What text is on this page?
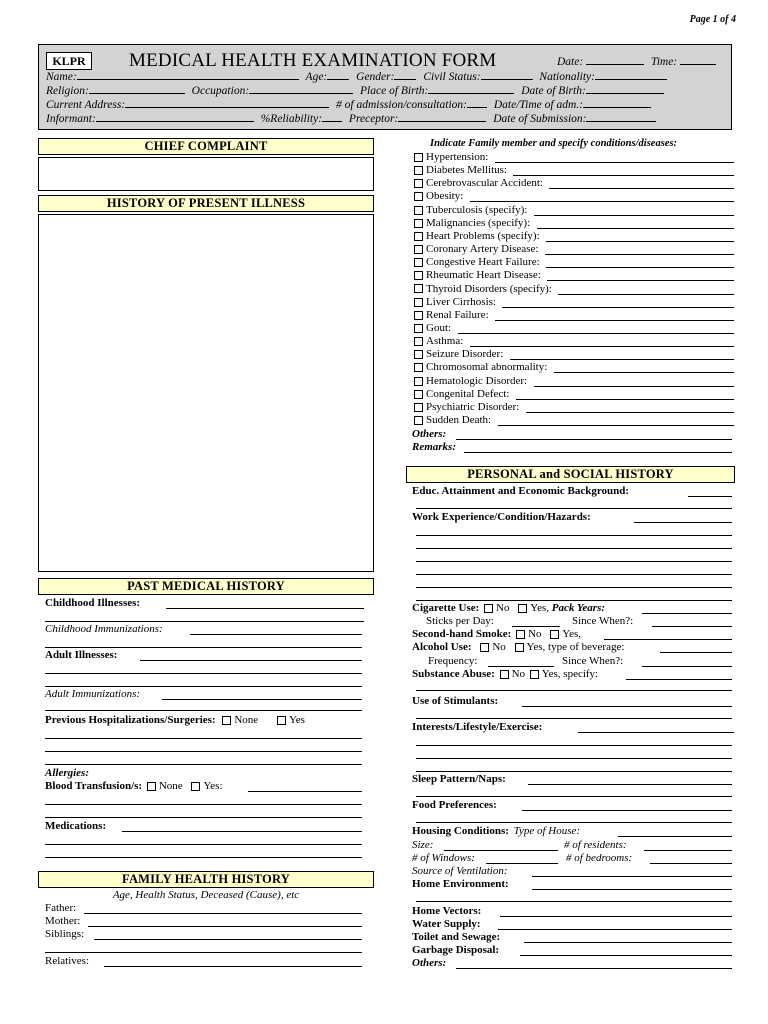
Page 1 of 4
KLPR	MEDICAL HEALTH EXAMINATION FORM	Date:	Time:
Name:	Age:	Gender:	Civil Status:	Nationality:
Religion:	Occupation:	Place of Birth:	Date of Birth:
Current Address:	# of admission/consultation: Date/Time of adm.:
Informant:	%Reliability: Preceptor:	Date of Submission:
CHIEF COMPLAINT
HISTORY OF PRESENT ILLNESS
PAST MEDICAL HISTORY
Childhood Illnesses:
Childhood Immunizations:
Adult Illnesses:
Adult Immunizations:
Previous Hospitalizations/Surgeries: None	Yes
Allergies:
Blood Transfusion/s: None Yes:
Medications:
FAMILY HEALTH HISTORY
Age, Health Status, Deceased (Cause), etc
Father:
Mother:
Siblings:
Relatives:
Indicate Family member and specify conditions/diseases:
Hypertension:
Diabetes Mellitus:
Cerebrovascular Accident:
Obesity:
Tuberculosis (specify):
Malignancies (specify):
Heart Problems (specify):
Coronary Artery Disease:
Congestive Heart Failure:
Rheumatic Heart Disease:
Thyroid Disorders (specify):
Liver Cirrhosis:
Renal Failure:
Gout:
Asthma:
Seizure Disorder:
Chromosomal abnormality:
Hematologic Disorder:
Congenital Defect:
Psychiatric Disorder:
Sudden Death:
Others:
Remarks:
PERSONAL and SOCIAL HISTORY
Educ. Attainment and Economic Background:
Work Experience/Condition/Hazards:
Cigarette Use: No Yes, Pack Years:
Sticks per Day:	Since When?:
Second-hand Smoke: No Yes,
Alcohol Use: No Yes, type of beverage:
Frequency:	Since When?:
Substance Abuse: No Yes, specify:
Use of Stimulants:
Interests/Lifestyle/Exercise:
Sleep Pattern/Naps:
Food Preferences:
Housing Conditions: Type of House:
Size:	# of residents:
# of Windows:	# of bedrooms:
Source of Ventilation:
Home Environment:
Home Vectors:
Water Supply:
Toilet and Sewage:
Garbage Disposal:
Others:
